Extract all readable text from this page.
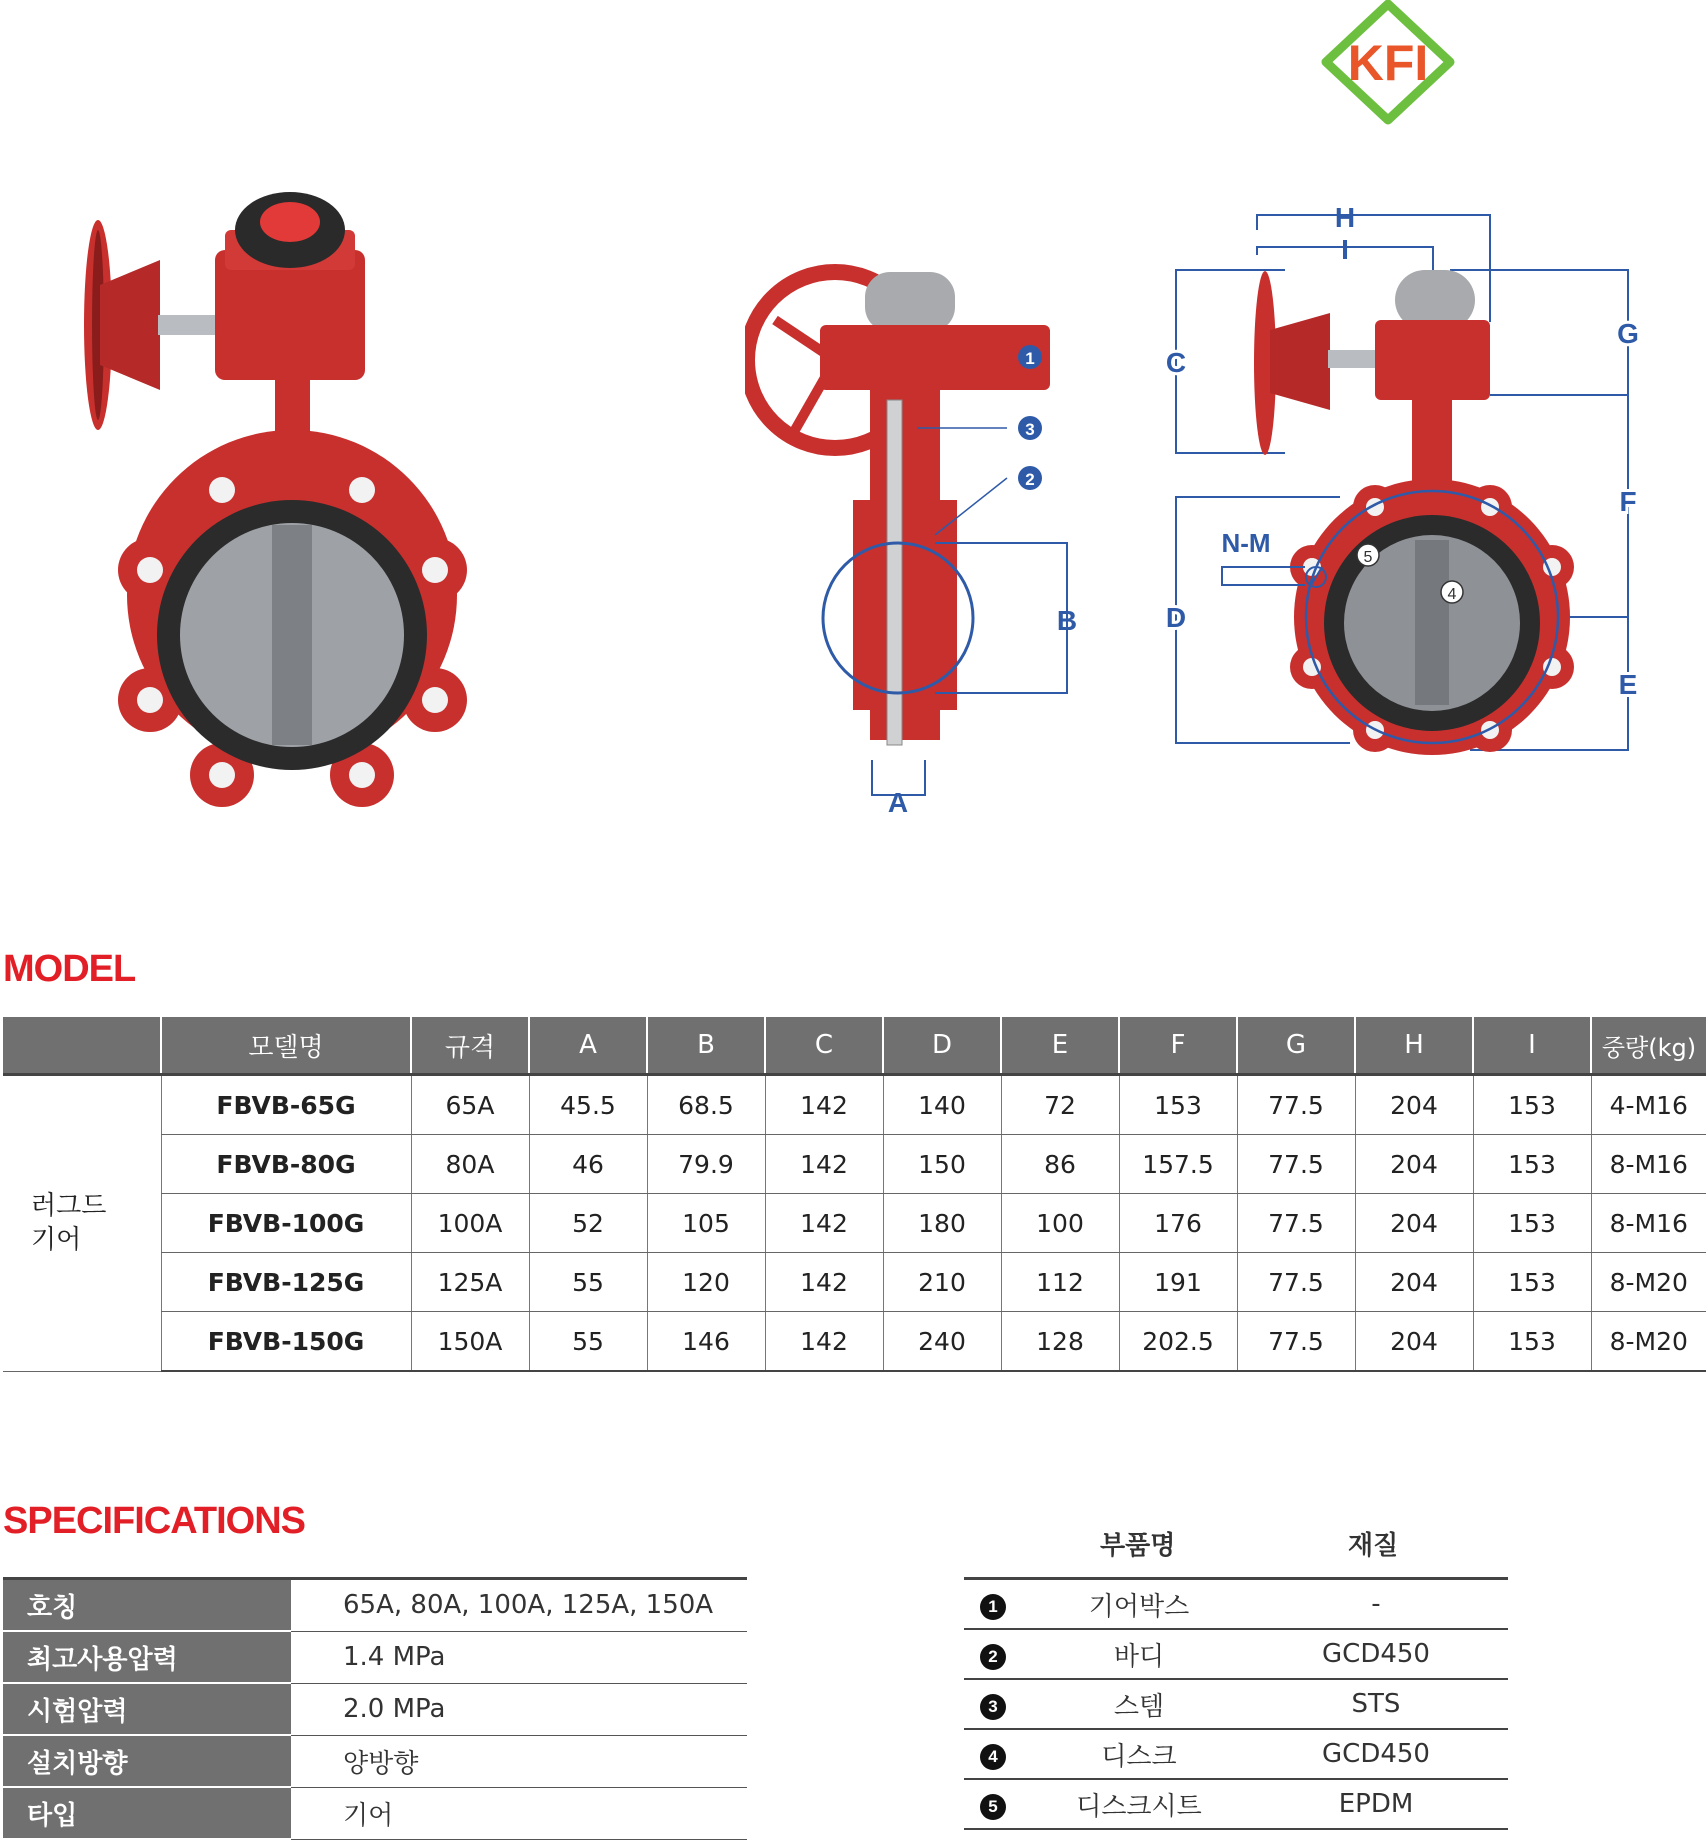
KFI
A
B
1
3
2
H
I
C
G
F
E
D
N-M
4
5
MODEL
	모델명	규격	A	B	C	D	E	F	G	H	I	중량(kg)
러그드
기어	FBVB-65G	65A	45.5	68.5	142	140	72	153	77.5	204	153	4-M16
	FBVB-80G	80A	46	79.9	142	150	86	157.5	77.5	204	153	8-M16
	FBVB-100G	100A	52	105	142	180	100	176	77.5	204	153	8-M16
	FBVB-125G	125A	55	120	142	210	112	191	77.5	204	153	8-M20
	FBVB-150G	150A	55	146	142	240	128	202.5	77.5	204	153	8-M20
SPECIFICATIONS
호칭	65A, 80A, 100A, 125A, 150A
최고사용압력	1.4 MPa
시험압력	2.0 MPa
설치방향	양방향
타입	기어
부품명	재질
1	기어박스	-
2	바디	GCD450
3	스템	STS
4	디스크	GCD450
5	디스크시트	EPDM
